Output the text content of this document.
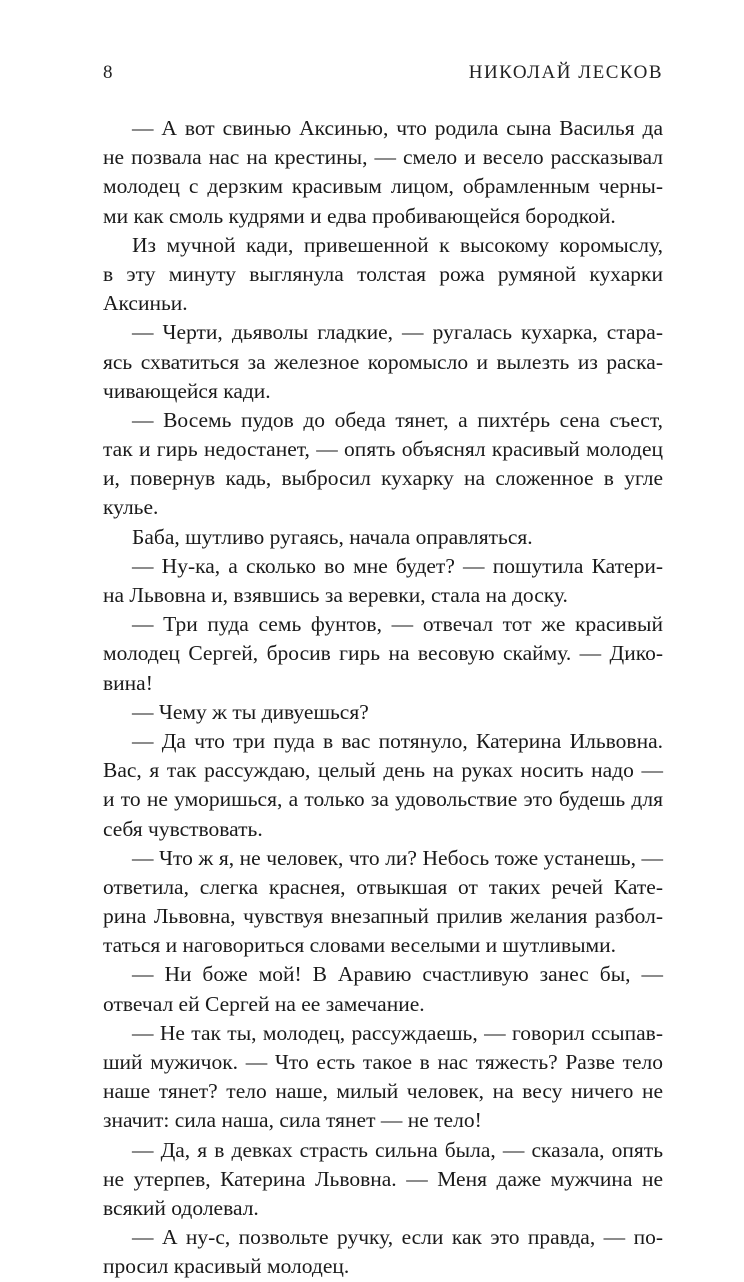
8	НИКОЛАЙ ЛЕСКОВ
— А вот свинью Аксинью, что родила сына Василья да
не позвала нас на крестины, — смело и весело рассказывал
молодец с дерзким красивым лицом, обрамленным черны-
ми как смоль кудрями и едва пробивающейся бородкой.
Из мучной кади, привешенной к высокому коромыслу,
в эту минуту выглянула толстая рожа румяной кухарки
Аксиньи.
— Черти, дьяволы гладкие, — ругалась кухарка, стара-
ясь схватиться за железное коромысло и вылезть из раска-
чивающейся кади.
— Восемь пудов до обеда тянет, а пихтéрь сена съест,
так и гирь недостанет, — опять объяснял красивый молодец
и, повернув кадь, выбросил кухарку на сложенное в угле
кулье.
Баба, шутливо ругаясь, начала оправляться.
— Ну-ка, а сколько во мне будет? — пошутила Катери-
на Львовна и, взявшись за веревки, стала на доску.
— Три пуда семь фунтов, — отвечал тот же красивый
молодец Сергей, бросив гирь на весовую скайму. — Дико-
вина!
— Чему ж ты дивуешься?
— Да что три пуда в вас потянуло, Катерина Ильвовна.
Вас, я так рассуждаю, целый день на руках носить надо —
и то не уморишься, а только за удовольствие это будешь для
себя чувствовать.
— Что ж я, не человек, что ли? Небось тоже устанешь, —
ответила, слегка краснея, отвыкшая от таких речей Кате-
рина Львовна, чувствуя внезапный прилив желания разбол-
таться и наговориться словами веселыми и шутливыми.
— Ни боже мой! В Аравию счастливую занес бы, —
отвечал ей Сергей на ее замечание.
— Не так ты, молодец, рассуждаешь, — говорил ссыпав-
ший мужичок. — Что есть такое в нас тяжесть? Разве тело
наше тянет? тело наше, милый человек, на весу ничего не
значит: сила наша, сила тянет — не тело!
— Да, я в девках страсть сильна была, — сказала, опять
не утерпев, Катерина Львовна. — Меня даже мужчина не
всякий одолевал.
— А ну-с, позвольте ручку, если как это правда, — по-
просил красивый молодец.
